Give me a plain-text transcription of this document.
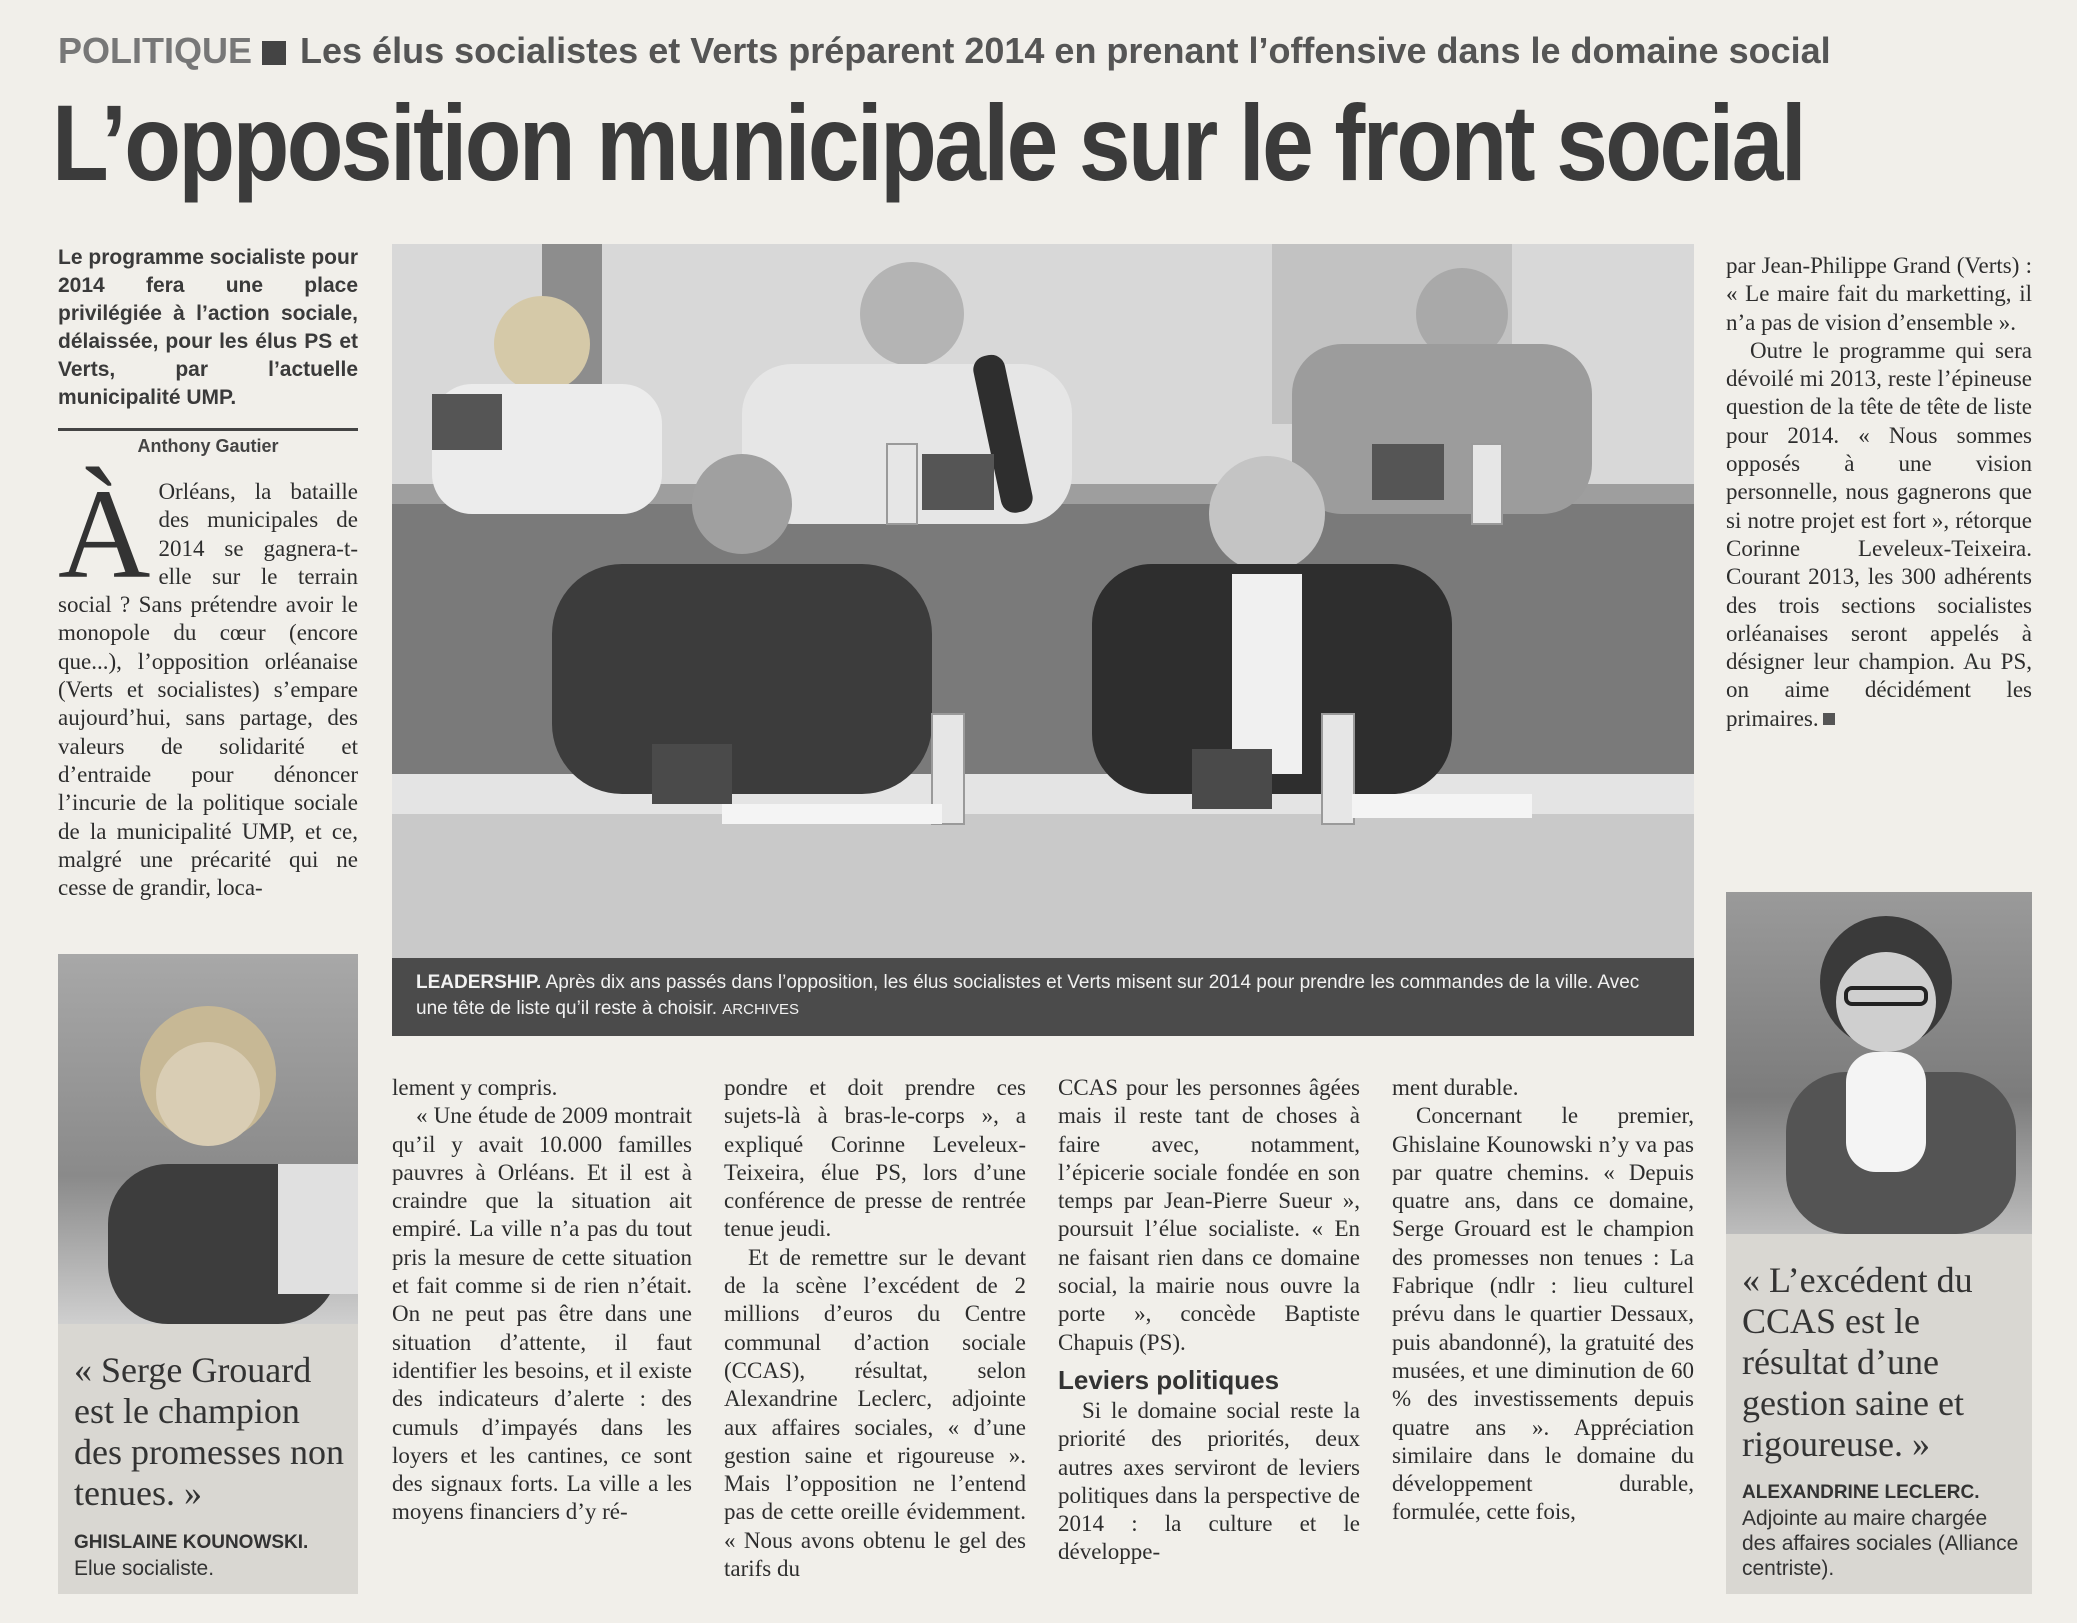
POLITIQUE Les élus socialistes et Verts préparent 2014 en prenant l’offensive dans le domaine social
L’opposition municipale sur le front social
Le programme socialiste pour 2014 fera une place privilégiée à l’action sociale, délaissée, pour les élus PS et Verts, par l’actuelle municipalité UMP.
Anthony Gautier

À Orléans, la bataille des municipales de 2014 se gagnera-t-elle sur le terrain social ? Sans prétendre avoir le monopole du cœur (encore que...), l’opposition orléanaise (Verts et socialistes) s’empare aujourd’hui, sans partage, des valeurs de solidarité et d’entraide pour dénoncer l’incurie de la politique sociale de la municipalité UMP, et ce, malgré une précarité qui ne cesse de grandir, loca-

LEADERSHIP. Après dix ans passés dans l’opposition, les élus socialistes et Verts misent sur 2014 pour prendre les commandes de la ville. Avec une tête de liste qu’il reste à choisir. ARCHIVES

« Serge Grouard est le champion des promesses non tenues. »

GHISLAINE KOUNOWSKI.
Elue socialiste.

lement y compris.

« Une étude de 2009 montrait qu’il y avait 10.000 familles pauvres à Orléans. Et il est à craindre que la situation ait empiré. La ville n’a pas du tout pris la mesure de cette situation et fait comme si de rien n’était. On ne peut pas être dans une situation d’attente, il faut identifier les besoins, et il existe des indicateurs d’alerte : des cumuls d’impayés dans les loyers et les cantines, ce sont des signaux forts. La ville a les moyens financiers d’y ré-

pondre et doit prendre ces sujets-là à bras-le-corps », a expliqué Corinne Leveleux-Teixeira, élue PS, lors d’une conférence de presse de rentrée tenue jeudi.

Et de remettre sur le devant de la scène l’excédent de 2 millions d’euros du Centre communal d’action sociale (CCAS), résultat, selon Alexandrine Leclerc, adjointe aux affaires sociales, « d’une gestion saine et rigoureuse ». Mais l’opposition ne l’entend pas de cette oreille évidemment. « Nous avons obtenu le gel des tarifs du

CCAS pour les personnes âgées mais il reste tant de choses à faire avec, notamment, l’épicerie sociale fondée en son temps par Jean-Pierre Sueur », poursuit l’élue socialiste. « En ne faisant rien dans ce domaine social, la mairie nous ouvre la porte », concède Baptiste Chapuis (PS).

Leviers politiques

Si le domaine social reste la priorité des priorités, deux autres axes serviront de leviers politiques dans la perspective de 2014 : la culture et le développe-

ment durable.

Concernant le premier, Ghislaine Kounowski n’y va pas par quatre chemins. « Depuis quatre ans, dans ce domaine, Serge Grouard est le champion des promesses non tenues : La Fabrique (ndlr : lieu culturel prévu dans le quartier Dessaux, puis abandonné), la gratuité des musées, et une diminution de 60 % des investissements depuis quatre ans ». Appréciation similaire dans le domaine du développement durable, formulée, cette fois,

par Jean-Philippe Grand (Verts) : « Le maire fait du marketting, il n’a pas de vision d’ensemble ».

Outre le programme qui sera dévoilé mi 2013, reste l’épineuse question de la tête de tête de liste pour 2014. « Nous sommes opposés à une vision personnelle, nous gagnerons que si notre projet est fort », rétorque Corinne Leveleux-Teixeira. Courant 2013, les 300 adhérents des trois sections socialistes orléanaises seront appelés à désigner leur champion. Au PS, on aime décidément les primaires.

« L’excédent du CCAS est le résultat d’une gestion saine et rigoureuse. »

ALEXANDRINE LECLERC.
Adjointe au maire chargée des affaires sociales (Alliance centriste).
